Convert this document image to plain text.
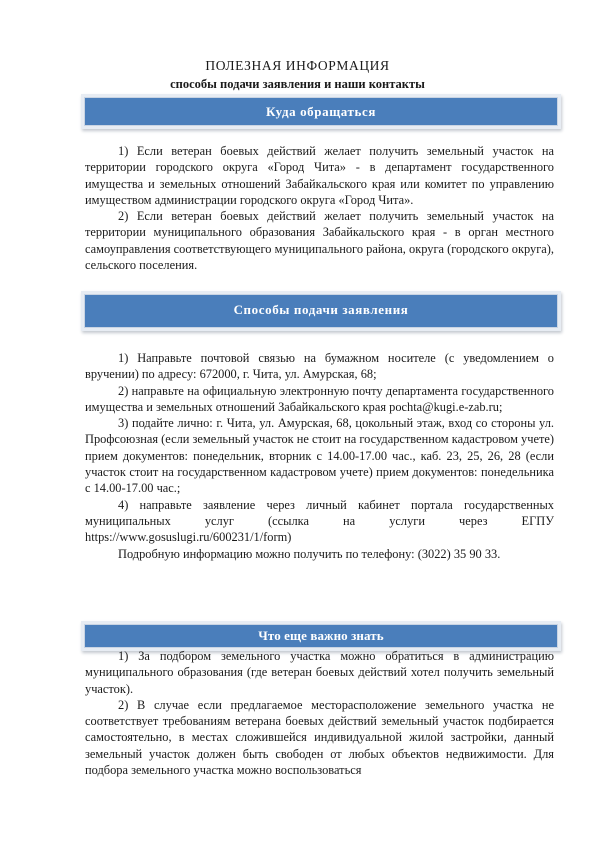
ПОЛЕЗНАЯ ИНФОРМАЦИЯ
способы подачи заявления и наши контакты
Куда обращаться

1) Если ветеран боевых действий желает получить земельный участок на территории городского округа «Город Чита» - в департамент государственного имущества и земельных отношений Забайкальского края или комитет по управлению имуществом администрации городского округа «Город Чита».

2) Если ветеран боевых действий желает получить земельный участок на территории муниципального образования Забайкальского края - в орган местного самоуправления соответствующего муниципального района, округа (городского округа), сельского поселения.

Способы подачи заявления

1) Направьте почтовой связью на бумажном носителе (с уведомлением о вручении) по адресу: 672000, г. Чита, ул. Амурская, 68;

2) направьте на официальную электронную почту департамента государственного имущества и земельных отношений Забайкальского края pochta@kugi.e-zab.ru;

3) подайте лично: г. Чита, ул. Амурская, 68, цокольный этаж, вход со стороны ул. Профсоюзная (если земельный участок не стоит на государственном кадастровом учете) прием документов: понедельник, вторник с 14.00-17.00 час., каб. 23, 25, 26, 28 (если участок стоит на государственном кадастровом учете) прием документов: понедельника с 14.00-17.00 час.;

4) направьте заявление через личный кабинет портала государственных муниципальных услуг (ссылка на услуги через ЕГПУ https://www.gosuslugi.ru/600231/1/form)

Подробную информацию можно получить по телефону: (3022) 35 90 33.

Что еще важно знать

1) За подбором земельного участка можно обратиться в администрацию муниципального образования (где ветеран боевых действий хотел получить земельный участок).

2) В случае если предлагаемое месторасположение земельного участка не соответствует требованиям ветерана боевых действий земельный участок подбирается самостоятельно, в местах сложившейся индивидуальной жилой застройки, данный земельный участок должен быть свободен от любых объектов недвижимости. Для подбора земельного участка можно воспользоваться
